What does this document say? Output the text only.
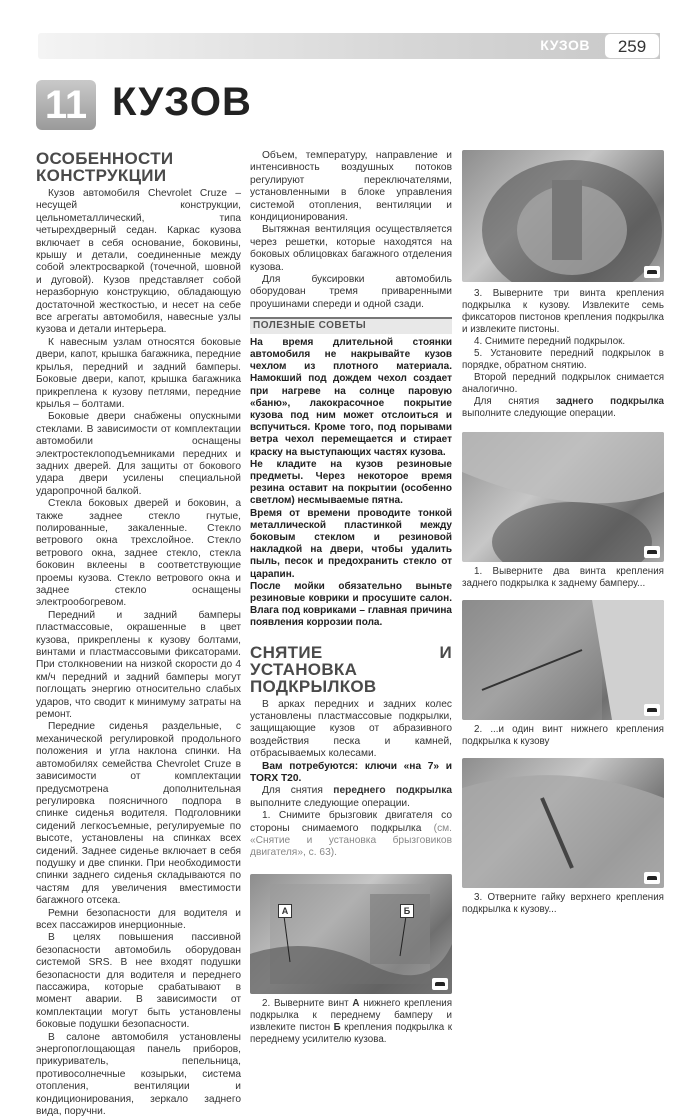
КУЗОВ	259
11 КУЗОВ
ОСОБЕННОСТИ КОНСТРУКЦИИ

Кузов автомобиля Chevrolet Cruze – несущей конструкции, цельнометаллический, типа четырехдверный седан. Каркас кузова включает в себя основание, боковины, крышу и детали, соединенные между собой электросваркой (точечной, шовной и дуговой). Кузов представляет собой неразборную конструкцию, обладающую достаточной жесткостью, и несет на себе все агрегаты автомобиля, навесные узлы кузова и детали интерьера.

К навесным узлам относятся боковые двери, капот, крышка багажника, передние крылья, передний и задний бамперы. Боковые двери, капот, крышка багажника прикреплена к кузову петлями, передние крылья – болтами.

Боковые двери снабжены опускными стеклами. В зависимости от комплектации автомобили оснащены электростеклоподъемниками передних и задних дверей. Для защиты от бокового удара двери усилены специальной ударопрочной балкой.

Стекла боковых дверей и боковин, а также заднее стекло гнутые, полированные, закаленные. Стекло ветрового окна трехслойное. Стекло ветрового окна, заднее стекло, стекла боковин вклеены в соответствующие проемы кузова. Стекло ветрового окна и заднее стекло оснащены электрообогревом.

Передний и задний бамперы пластмассовые, окрашенные в цвет кузова, прикреплены к кузову болтами, винтами и пластмассовыми фиксаторами. При столкновении на низкой скорости до 4 км/ч передний и задний бамперы могут поглощать энергию относительно слабых ударов, что сводит к минимуму затраты на ремонт.

Передние сиденья раздельные, с механической регулировкой продольного положения и угла наклона спинки. На автомобилях семейства Chevrolet Cruze в зависимости от комплектации предусмотрена дополнительная регулировка поясничного подпора в спинке сиденья водителя. Подголовники сидений легкосъемные, регулируемые по высоте, установлены на спинках всех сидений. Заднее сиденье включает в себя подушку и две спинки. При необходимости спинки заднего сиденья складываются по частям для увеличения вместимости багажного отсека.

Ремни безопасности для водителя и всех пассажиров инерционные.

В целях повышения пассивной безопасности автомобиль оборудован системой SRS. В нее входят подушки безопасности для водителя и переднего пассажира, которые срабатывают в момент аварии. В зависимости от комплектации могут быть установлены боковые подушки безопасности.

В салоне автомобиля установлены энергопоглощающая панель приборов, прикуриватель, пепельница, противосолнечные козырьки, система отопления, вентиляции и кондиционирования, зеркало заднего вида, поручни.

Объем, температуру, направление и интенсивность воздушных потоков регулируют переключателями, установленными в блоке управления системой отопления, вентиляции и кондиционирования.

Вытяжная вентиляция осуществляется через решетки, которые находятся на боковых облицовках багажного отделения кузова.

Для буксировки автомобиль оборудован тремя приваренными проушинами спереди и одной сзади.

ПОЛЕЗНЫЕ СОВЕТЫ

На время длительной стоянки автомобиля не накрывайте кузов чехлом из плотного материала. Намокший под дождем чехол создает при нагреве на солнце паровую «баню», лакокрасочное покрытие кузова под ним может отслоиться и вспучиться. Кроме того, под порывами ветра чехол перемещается и стирает краску на выступающих частях кузова.

Не кладите на кузов резиновые предметы. Через некоторое время резина оставит на покрытии (особенно светлом) несмываемые пятна.

Время от времени проводите тонкой металлической пластинкой между боковым стеклом и резиновой накладкой на двери, чтобы удалить пыль, песок и предохранить стекло от царапин.

После мойки обязательно выньте резиновые коврики и просушите салон. Влага под ковриками – главная причина появления коррозии пола.

СНЯТИЕ И УСТАНОВКА ПОДКРЫЛКОВ

В арках передних и задних колес установлены пластмассовые подкрылки, защищающие кузов от абразивного воздействия песка и камней, отбрасываемых колесами.

Вам потребуются: ключи «на 7» и TORX T20.

Для снятия переднего подкрылка выполните следующие операции.

1. Снимите брызговик двигателя со стороны снимаемого подкрылка (см. «Снятие и установка брызговиков двигателя», с. 63).

А	Б

2. Выверните винт А нижнего крепления подкрылка к переднему бамперу и извлеките пистон Б крепления подкрылка к переднему усилителю кузова.

3. Выверните три винта крепления подкрылка к кузову. Извлеките семь фиксаторов пистонов крепления подкрылка и извлеките пистоны.

4. Снимите передний подкрылок.

5. Установите передний подкрылок в порядке, обратном снятию.

Второй передний подкрылок снимается аналогично.

Для снятия заднего подкрылка выполните следующие операции.

1. Выверните два винта крепления заднего подкрылка к заднему бамперу...

2. ...и один винт нижнего крепления подкрылка к кузову

3. Отверните гайку верхнего крепления подкрылка к кузову...
